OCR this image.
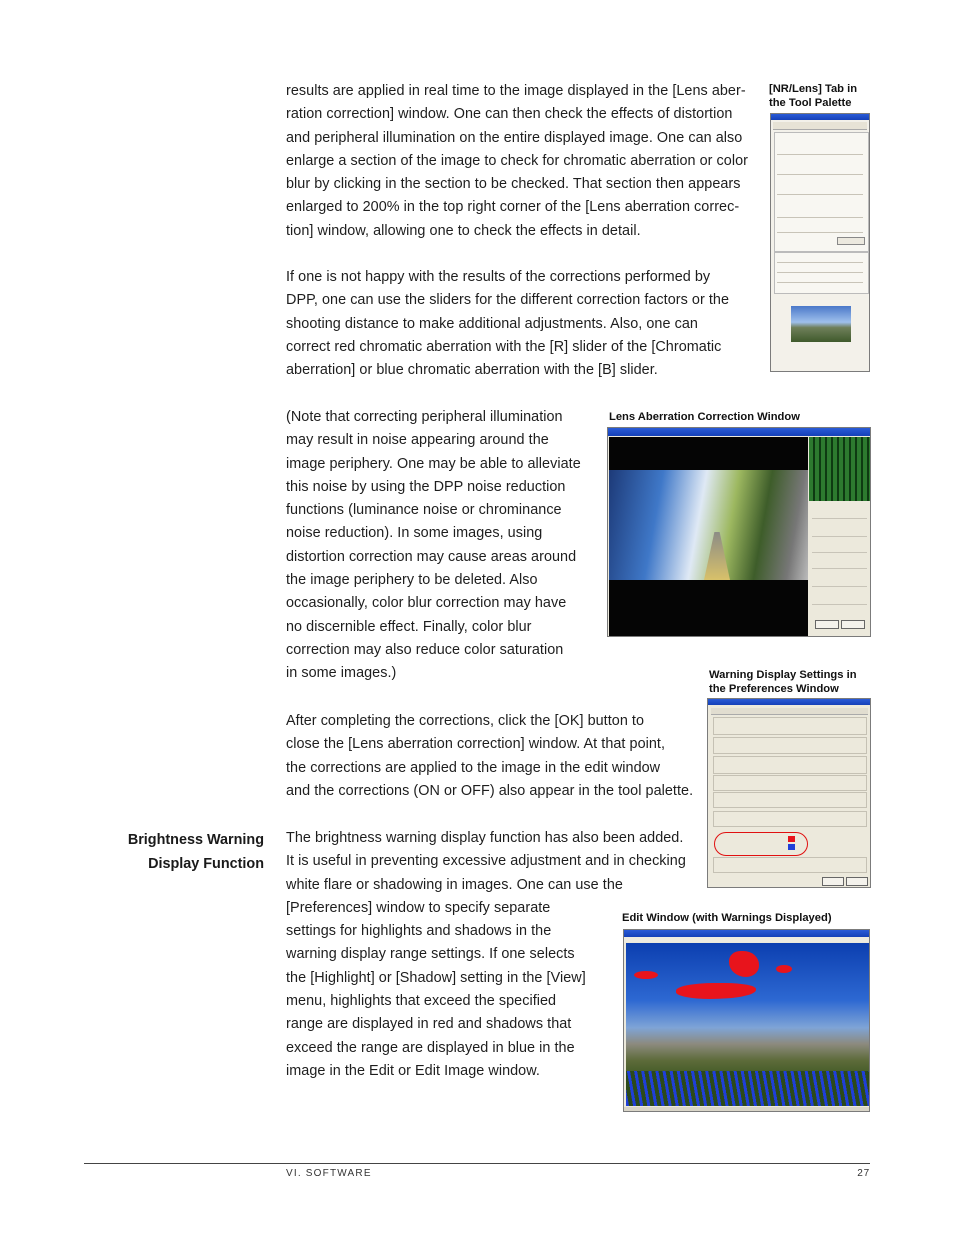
results are applied in real time to the image displayed in the [Lens aber-
ration correction] window. One can then check the effects of distortion
and peripheral illumination on the entire displayed image. One can also
enlarge a section of the image to check for chromatic aberration or color
blur by clicking in the section to be checked. That section then appears
enlarged to 200% in the top right corner of the [Lens aberration correc-
tion] window, allowing one to check the effects in detail.
If one is not happy with the results of the corrections performed by
DPP, one can use the sliders for the different correction factors or the
shooting distance to make additional adjustments. Also, one can
correct red chromatic aberration with the [R] slider of the [Chromatic
aberration] or blue chromatic aberration with the [B] slider.
(Note that correcting peripheral illumination
may result in noise appearing around the
image periphery. One may be able to alleviate
this noise by using the DPP noise reduction
functions (luminance noise or chrominance
noise reduction). In some images, using
distortion correction may cause areas around
the image periphery to be deleted. Also
occasionally, color blur correction may have
no discernible effect. Finally, color blur
correction may also reduce color saturation
in some images.)
After completing the corrections, click the [OK] button to
close the [Lens aberration correction] window. At that point,
the corrections are applied to the image in the edit window
and the corrections (ON or OFF) also appear in the tool palette.
The brightness warning display function has also been added.
It is useful in preventing excessive adjustment and in checking
white flare or shadowing in images. One can use the
[Preferences] window to specify separate
settings for highlights and shadows in the
warning display range settings. If one selects
the [Highlight] or [Shadow] setting in the [View]
menu, highlights that exceed the specified
range are displayed in red and shadows that
exceed the range are displayed in blue in the
image in the Edit or Edit Image window.
Brightness Warning
Display Function
[NR/Lens] Tab in
the Tool Palette
Lens Aberration Correction Window
Warning Display Settings in
the Preferences Window
Edit Window (with Warnings Displayed)
VI. SOFTWARE	27
